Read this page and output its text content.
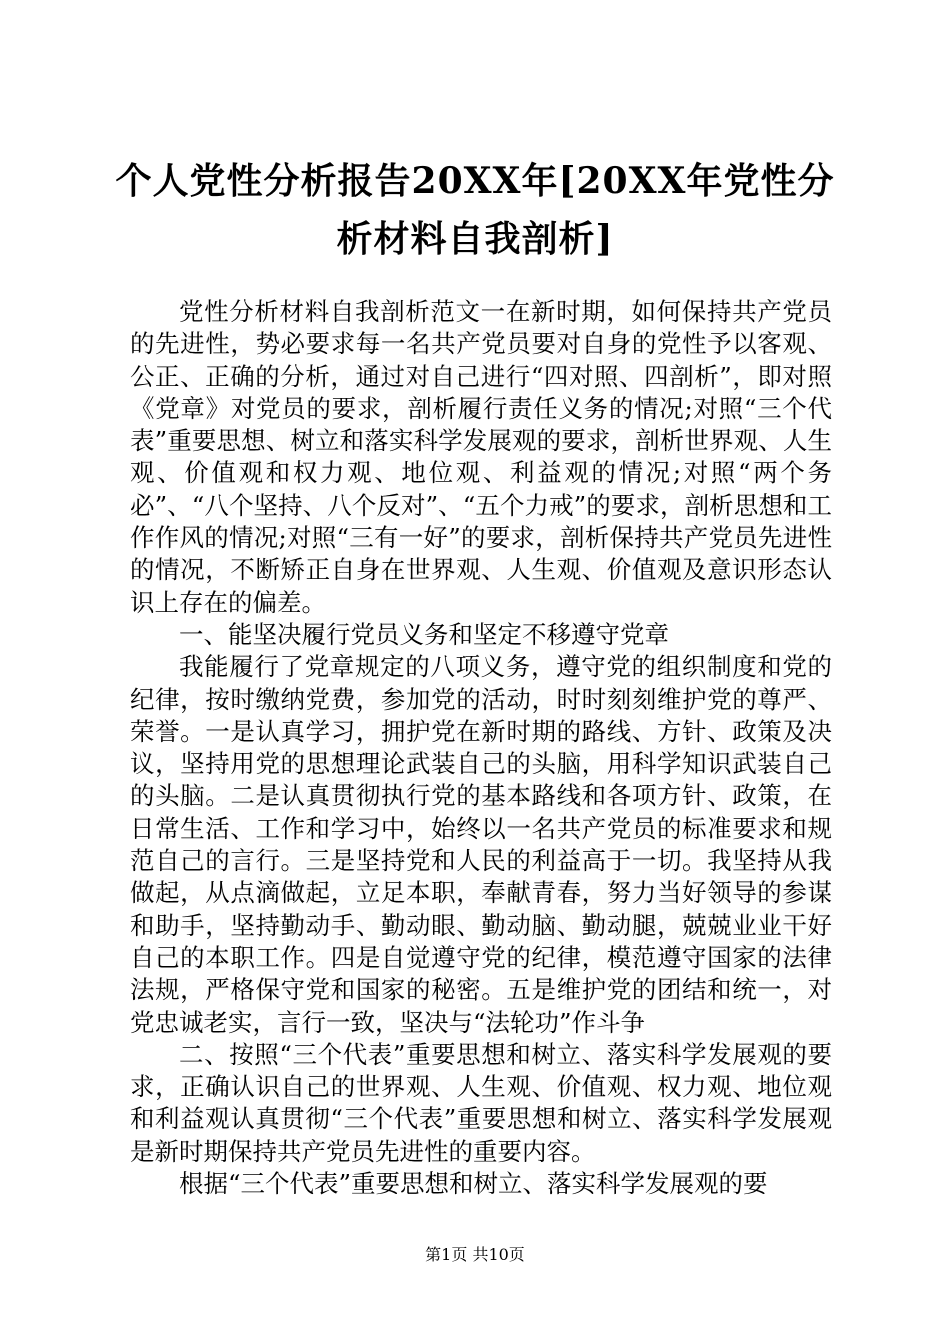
个人党性分析报告20XX年[20XX年党性分析材料自我剖析]

党性分析材料自我剖析范文一在新时期，如何保持共产党员的先进性，势必要求每一名共产党员要对自身的党性予以客观、公正、正确的分析，通过对自己进行“四对照、四剖析”，即对照《党章》对党员的要求，剖析履行责任义务的情况;对照“三个代表”重要思想、树立和落实科学发展观的要求，剖析世界观、人生观、价值观和权力观、地位观、利益观的情况;对照“两个务必”、“八个坚持、八个反对”、“五个力戒”的要求，剖析思想和工作作风的情况;对照“三有一好”的要求，剖析保持共产党员先进性的情况，不断矫正自身在世界观、人生观、价值观及意识形态认识上存在的偏差。

一、能坚决履行党员义务和坚定不移遵守党章

我能履行了党章规定的八项义务，遵守党的组织制度和党的纪律，按时缴纳党费，参加党的活动，时时刻刻维护党的尊严、荣誉。一是认真学习，拥护党在新时期的路线、方针、政策及决议，坚持用党的思想理论武装自己的头脑，用科学知识武装自己的头脑。二是认真贯彻执行党的基本路线和各项方针、政策，在日常生活、工作和学习中，始终以一名共产党员的标准要求和规范自己的言行。三是坚持党和人民的利益高于一切。我坚持从我做起，从点滴做起，立足本职，奉献青春，努力当好领导的参谋和助手，坚持勤动手、勤动眼、勤动脑、勤动腿，兢兢业业干好自己的本职工作。四是自觉遵守党的纪律，模范遵守国家的法律法规，严格保守党和国家的秘密。五是维护党的团结和统一，对党忠诚老实，言行一致，坚决与“法轮功”作斗争

二、按照“三个代表”重要思想和树立、落实科学发展观的要求，正确认识自己的世界观、人生观、价值观、权力观、地位观和利益观认真贯彻“三个代表”重要思想和树立、落实科学发展观是新时期保持共产党员先进性的重要内容。

根据“三个代表”重要思想和树立、落实科学发展观的要

第1页 共10页
